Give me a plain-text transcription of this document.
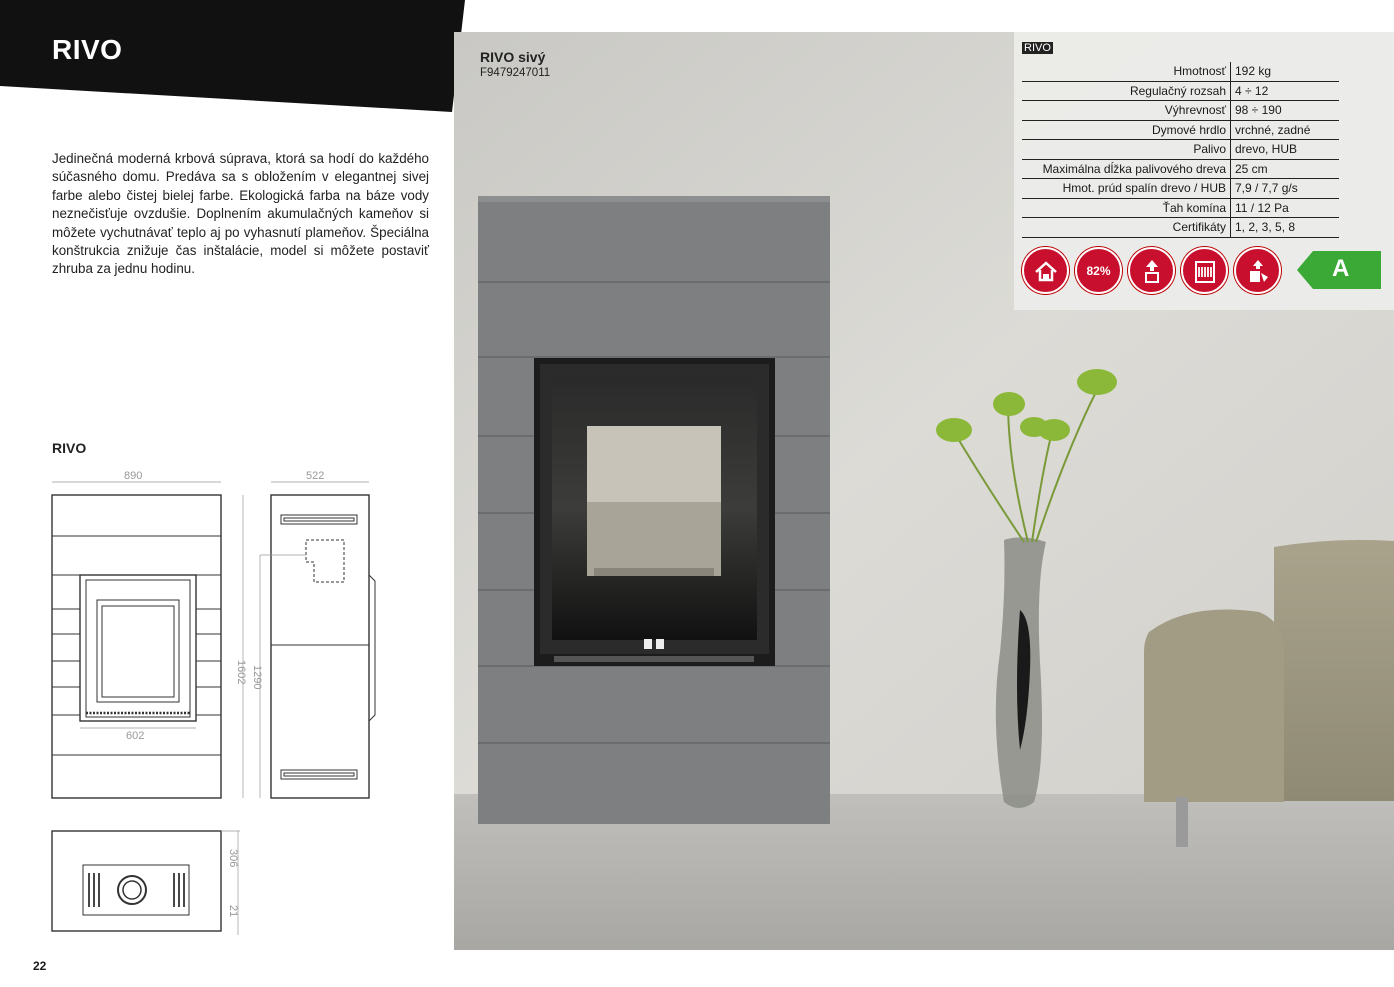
RIVO
Jedinečná moderná krbová súprava, ktorá sa hodí do každého súčasného domu. Predáva sa s obložením v elegantnej sivej farbe alebo čistej bielej farbe. Ekologická farba na báze vody neznečisťuje ovzdušie. Doplnením akumulačných kameňov si môžete vychutnávať teplo aj po vyhasnutí plameňov. Špeciálna konštrukcia znižuje čas inštalácie, model si môžete postaviť zhruba za jednu hodinu.
RIVO
890
602
522
1602 1290
306
21
22
RIVO sivý
F9479247011
RIVO
Hmotnosť	192 kg
Regulačný rozsah	4 ÷ 12
Výhrevnosť	98 ÷ 190
Dymové hrdlo	vrchné, zadné
Palivo	drevo, HUB
Maximálna dĺžka palivového dreva	25 cm
Hmot. prúd spalín drevo / HUB	7,9 / 7,7 g/s
Ťah komína	11 / 12 Pa
Certifikáty	1, 2, 3, 5, 8
82%	A
